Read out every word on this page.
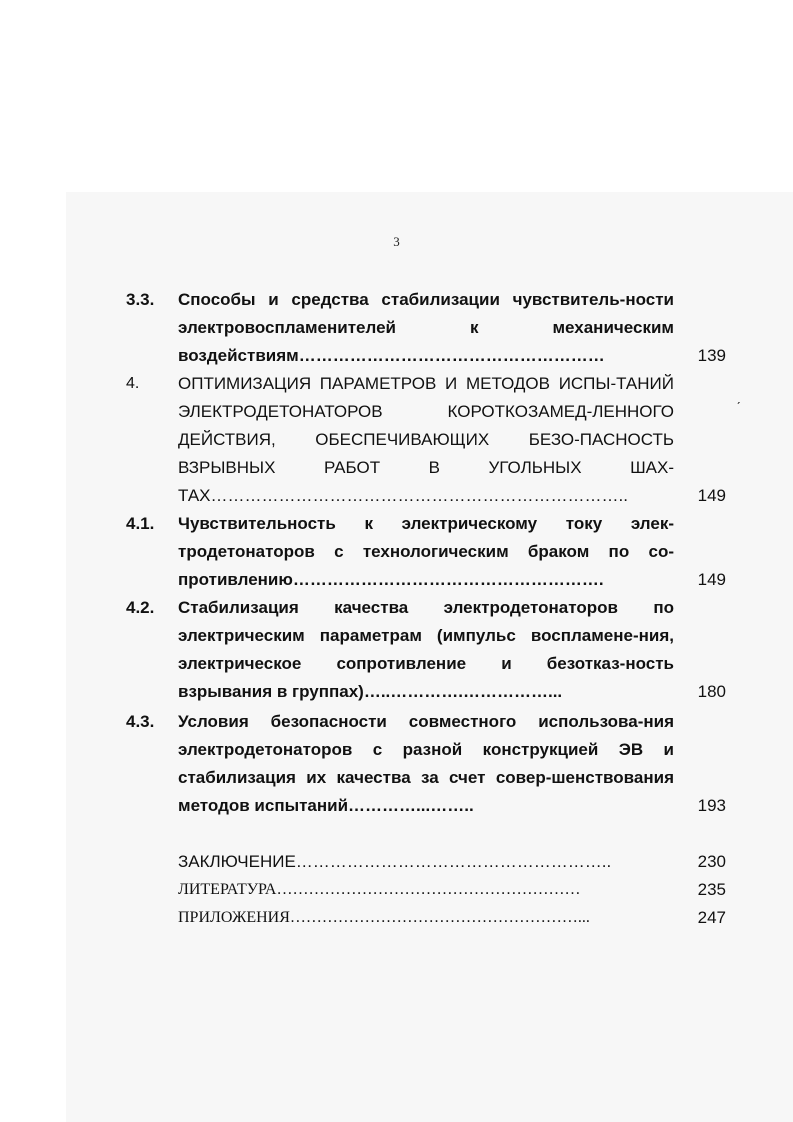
3
ˏ
3.3.	Способы и средства стабилизации чувствитель-ности электровоспламенителей к механическим воздействиям………………………………………………	139
4.	ОПТИМИЗАЦИЯ ПАРАМЕТРОВ И МЕТОДОВ ИСПЫ-ТАНИЙ ЭЛЕКТРОДЕТОНАТОРОВ КОРОТКОЗАМЕД-ЛЕННОГО ДЕЙСТВИЯ, ОБЕСПЕЧИВАЮЩИХ БЕЗО-ПАСНОСТЬ ВЗРЫВНЫХ РАБОТ В УГОЛЬНЫХ ШАХ-ТАХ………………………………………………………………..	149
4.1.	Чувствительность к электрическому току элек-тродетонаторов с технологическим браком по со-противлению……………………………………………….	149
4.2.	Стабилизация качества электродетонаторов по электрическим параметрам (импульс воспламене-ния, электрическое сопротивление и безотказ-ность взрывания в группах)…..………….……………...	180
4.3.	Условия безопасности совместного использова-ния электродетонаторов с разной конструкцией ЭВ и стабилизация их качества за счет совер-шенствования методов испытаний…………...……..	193

ЗАКЛЮЧЕНИЕ………………………………………………..	230

ЛИТЕРАТУРА…………………………………………………	235

ПРИЛОЖЕНИЯ………………………………………………...	247
